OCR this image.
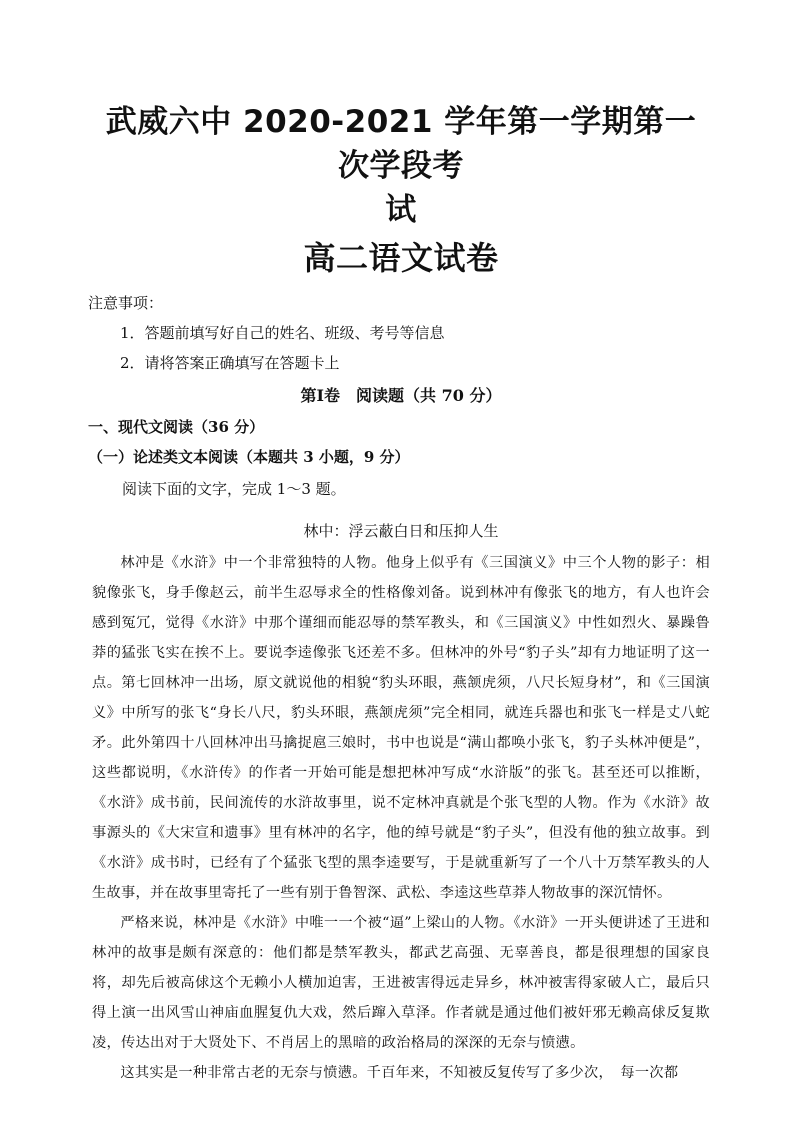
武威六中 2020-2021 学年第一学期第一次学段考
试
高二语文试卷
注意事项：
1．答题前填写好自己的姓名、班级、考号等信息
2．请将答案正确填写在答题卡上
第Ⅰ卷　阅读题（共 70 分）
一、现代文阅读（36 分）
（一）论述类文本阅读（本题共 3 小题，9 分）
阅读下面的文字，完成 1～3 题。
林中：浮云蔽白日和压抑人生

林冲是《水浒》中一个非常独特的人物。他身上似乎有《三国演义》中三个人物的影子：相貌像张飞，身手像赵云，前半生忍辱求全的性格像刘备。说到林冲有像张飞的地方，有人也许会感到冤冗，觉得《水浒》中那个谨细而能忍辱的禁军教头，和《三国演义》中性如烈火、暴躁鲁莽的猛张飞实在挨不上。要说李逵像张飞还差不多。但林冲的外号“豹子头”却有力地证明了这一点。第七回林冲一出场，原文就说他的相貌“豹头环眼，燕颔虎须，八尺长短身材”，和《三国演义》中所写的张飞“身长八尺，豹头环眼，燕颔虎须”完全相同，就连兵器也和张飞一样是丈八蛇矛。此外第四十八回林冲出马擒捉扈三娘时，书中也说是“满山都唤小张飞，豹子头林冲便是”，这些都说明，《水浒传》的作者一开始可能是想把林冲写成“水浒版”的张飞。甚至还可以推断，《水浒》成书前，民间流传的水浒故事里，说不定林冲真就是个张飞型的人物。作为《水浒》故事源头的《大宋宣和遗事》里有林冲的名字，他的绰号就是“豹子头”，但没有他的独立故事。到《水浒》成书时，已经有了个猛张飞型的黑李逵要写，于是就重新写了一个八十万禁军教头的人生故事，并在故事里寄托了一些有别于鲁智深、武松、李逵这些草莽人物故事的深沉情怀。

严格来说，林冲是《水浒》中唯一一个被“逼”上梁山的人物。《水浒》一开头便讲述了王进和林冲的故事是颇有深意的：他们都是禁军教头，都武艺高强、无辜善良，都是很理想的国家良将，却先后被高俅这个无赖小人横加迫害，王进被害得远走异乡，林冲被害得家破人亡，最后只得上演一出风雪山神庙血腥复仇大戏，然后蹿入草泽。作者就是通过他们被奸邪无赖高俅反复欺凌，传达出对于大贤处下、不肖居上的黑暗的政治格局的深深的无奈与愤懑。

这其实是一种非常古老的无奈与愤懑。千百年来，不知被反复传写了多少次，　每一次都
